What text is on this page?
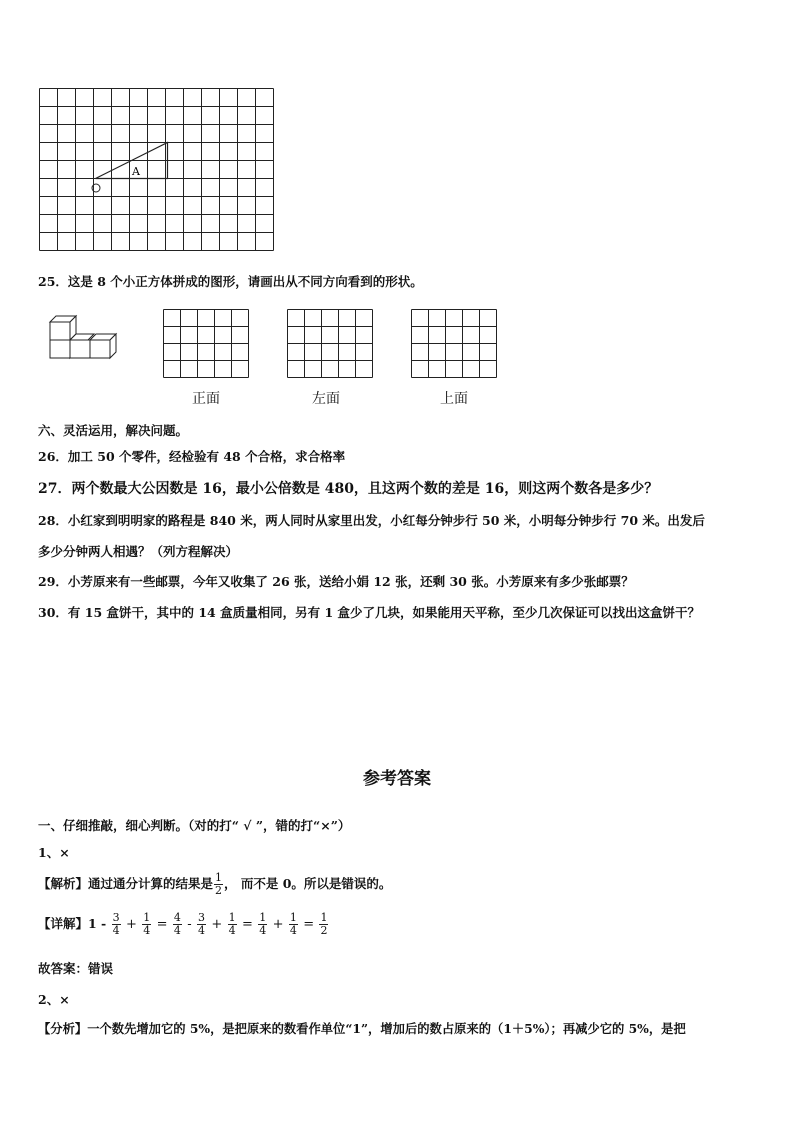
A
25．这是 8 个小正方体拼成的图形，请画出从不同方向看到的形状。
正面	左面	上面
六、灵活运用，解决问题。
26．加工 50 个零件，经检验有 48 个合格，求合格率
27．两个数最大公因数是 16，最小公倍数是 480，且这两个数的差是 16，则这两个数各是多少？
28．小红家到明明家的路程是 840 米，两人同时从家里出发，小红每分钟步行 50 米，小明每分钟步行 70 米。出发后
多少分钟两人相遇？（列方程解决）
29．小芳原来有一些邮票，今年又收集了 26 张，送给小娟 12 张，还剩 30 张。小芳原来有多少张邮票？
30．有 15 盒饼干，其中的 14 盒质量相同，另有 1 盒少了几块，如果能用天平称，至少几次保证可以找出这盒饼干？
参考答案
一、仔细推敲，细心判断。（对的打“ √ ”，错的打“×”）
1、×
【解析】通过通分计算的结果是 $\frac{1}{2}$ ， 而不是 0。所以是错误的。
【详解】$1 - \frac{3}{4} + \frac{1}{4} = \frac{4}{4} - \frac{3}{4} + \frac{1}{4} = \frac{1}{4} + \frac{1}{4} = \frac{1}{2}$
故答案：错误
2、×
【分析】一个数先增加它的 5%，是把原来的数看作单位“1”，增加后的数占原来的（1＋5%）；再减少它的 5%，是把
